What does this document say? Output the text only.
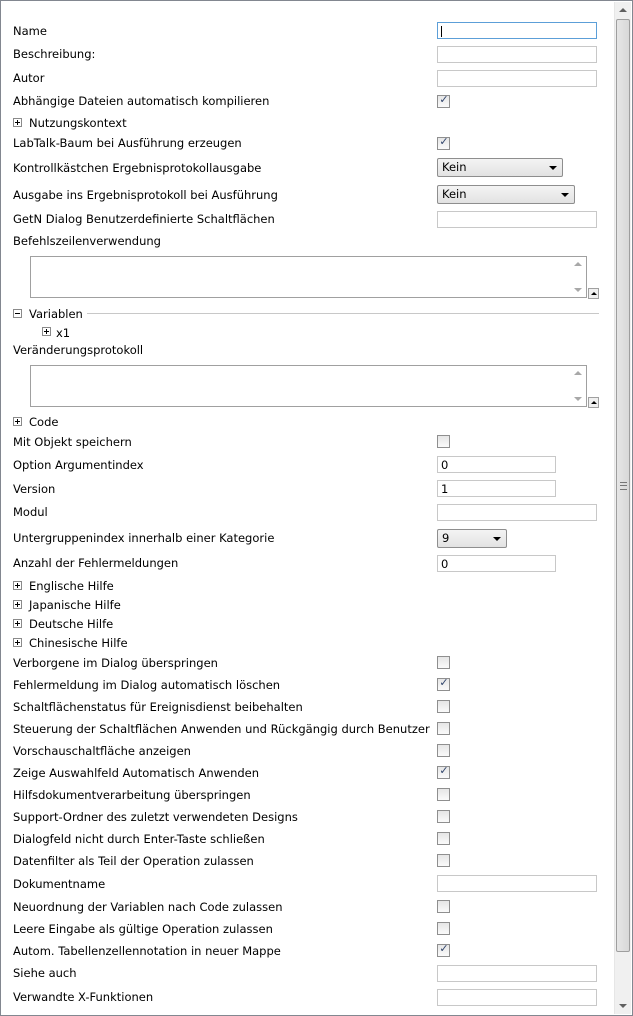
Name
Beschreibung:
Autor
Abhängige Dateien automatisch kompilieren	✓
Nutzungskontext
LabTalk-Baum bei Ausführung erzeugen	✓
Kontrollkästchen Ergebnisprotokollausgabe	Kein
Ausgabe ins Ergebnisprotokoll bei Ausführung	Kein
GetN Dialog Benutzerdefinierte Schaltflächen
Befehlszeilenverwendung
Variablen
x1
Veränderungsprotokoll
Code
Mit Objekt speichern
Option Argumentindex	0
Version	1
Modul
Untergruppenindex innerhalb einer Kategorie	9
Anzahl der Fehlermeldungen	0
Englische Hilfe
Japanische Hilfe
Deutsche Hilfe
Chinesische Hilfe
Verborgene im Dialog überspringen
Fehlermeldung im Dialog automatisch löschen	✓
Schaltflächenstatus für Ereignisdienst beibehalten
Steuerung der Schaltflächen Anwenden und Rückgängig durch Benutzer
Vorschauschaltfläche anzeigen
Zeige Auswahlfeld Automatisch Anwenden	✓
Hilfsdokumentverarbeitung überspringen
Support-Ordner des zuletzt verwendeten Designs
Dialogfeld nicht durch Enter-Taste schließen
Datenfilter als Teil der Operation zulassen
Dokumentname
Neuordnung der Variablen nach Code zulassen
Leere Eingabe als gültige Operation zulassen
Autom. Tabellenzellennotation in neuer Mappe	✓
Siehe auch
Verwandte X-Funktionen
